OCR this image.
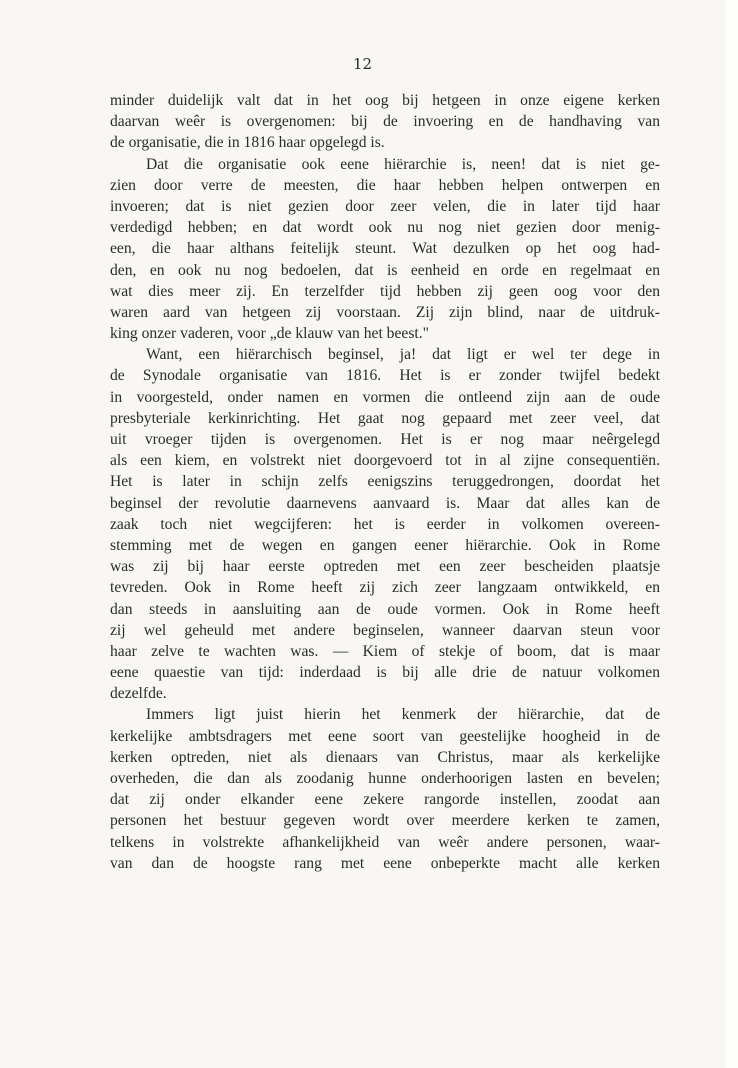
12
minder duidelijk valt dat in het oog bij hetgeen in onze eigene kerken
daarvan weêr is overgenomen: bij de invoering en de handhaving van
de organisatie, die in 1816 haar opgelegd is.
Dat die organisatie ook eene hiërarchie is, neen! dat is niet ge-
zien door verre de meesten, die haar hebben helpen ontwerpen en
invoeren; dat is niet gezien door zeer velen, die in later tijd haar
verdedigd hebben; en dat wordt ook nu nog niet gezien door menig-
een, die haar althans feitelijk steunt. Wat dezulken op het oog had-
den, en ook nu nog bedoelen, dat is eenheid en orde en regelmaat en
wat dies meer zij. En terzelfder tijd hebben zij geen oog voor den
waren aard van hetgeen zij voorstaan. Zij zijn blind, naar de uitdruk-
king onzer vaderen, voor „de klauw van het beest."
Want, een hiërarchisch beginsel, ja! dat ligt er wel ter dege in
de Synodale organisatie van 1816. Het is er zonder twijfel bedekt
in voorgesteld, onder namen en vormen die ontleend zijn aan de oude
presbyteriale kerkinrichting. Het gaat nog gepaard met zeer veel, dat
uit vroeger tijden is overgenomen. Het is er nog maar neêrgelegd
als een kiem, en volstrekt niet doorgevoerd tot in al zijne consequentiën.
Het is later in schijn zelfs eenigszins teruggedrongen, doordat het
beginsel der revolutie daarnevens aanvaard is. Maar dat alles kan de
zaak toch niet wegcijferen: het is eerder in volkomen overeen-
stemming met de wegen en gangen eener hiërarchie. Ook in Rome
was zij bij haar eerste optreden met een zeer bescheiden plaatsje
tevreden. Ook in Rome heeft zij zich zeer langzaam ontwikkeld, en
dan steeds in aansluiting aan de oude vormen. Ook in Rome heeft
zij wel geheuld met andere beginselen, wanneer daarvan steun voor
haar zelve te wachten was. — Kiem of stekje of boom, dat is maar
eene quaestie van tijd: inderdaad is bij alle drie de natuur volkomen
dezelfde.
Immers ligt juist hierin het kenmerk der hiërarchie, dat de
kerkelijke ambtsdragers met eene soort van geestelijke hoogheid in de
kerken optreden, niet als dienaars van Christus, maar als kerkelijke
overheden, die dan als zoodanig hunne onderhoorigen lasten en bevelen;
dat zij onder elkander eene zekere rangorde instellen, zoodat aan
personen het bestuur gegeven wordt over meerdere kerken te zamen,
telkens in volstrekte afhankelijkheid van weêr andere personen, waar-
van dan de hoogste rang met eene onbeperkte macht alle kerken
